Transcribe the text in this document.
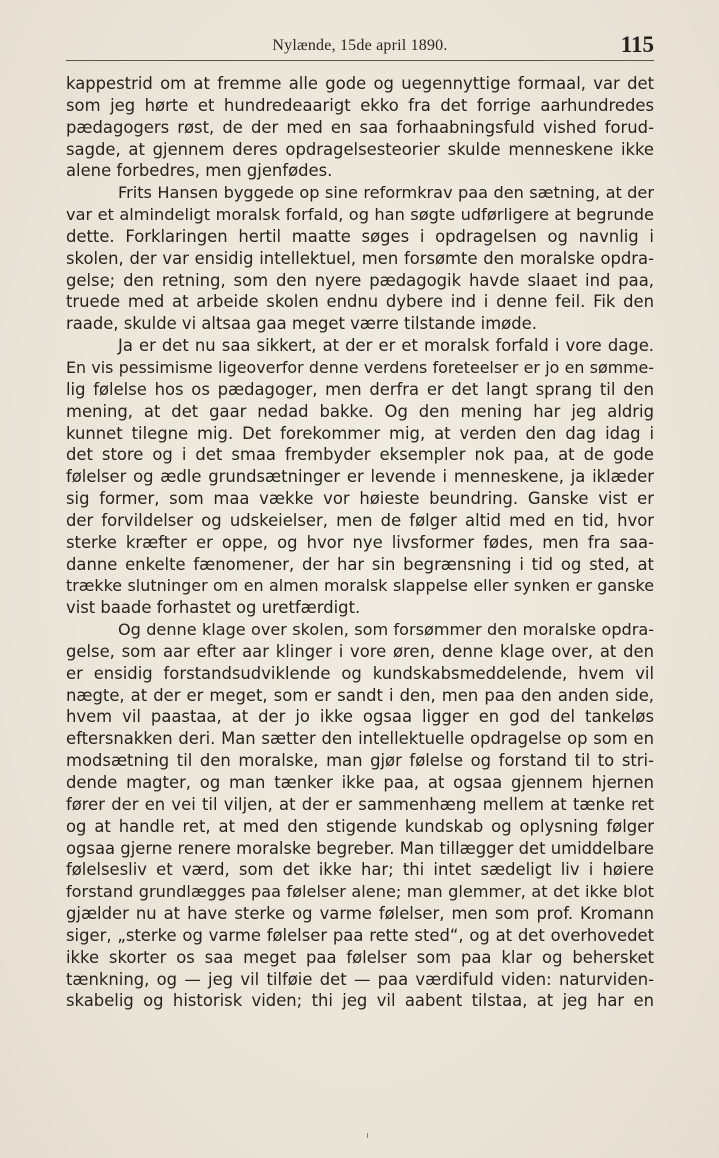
Nylænde, 15de april 1890.	115
kappestrid om at fremme alle gode og uegennyttige formaal, var det
som jeg hørte et hundredeaarigt ekko fra det forrige aarhundredes
pædagogers røst, de der med en saa forhaabningsfuld vished forud-
sagde, at gjennem deres opdragelsesteorier skulde menneskene ikke
alene forbedres, men gjenfødes.
Frits Hansen byggede op sine reformkrav paa den sætning, at der
var et almindeligt moralsk forfald, og han søgte udførligere at begrunde
dette. Forklaringen hertil maatte søges i opdragelsen og navnlig i
skolen, der var ensidig intellektuel, men forsømte den moralske opdra-
gelse; den retning, som den nyere pædagogik havde slaaet ind paa,
truede med at arbeide skolen endnu dybere ind i denne feil. Fik den
raade, skulde vi altsaa gaa meget værre tilstande imøde.
Ja er det nu saa sikkert, at der er et moralsk forfald i vore dage.
En vis pessimisme ligeoverfor denne verdens foreteelser er jo en sømme-
lig følelse hos os pædagoger, men derfra er det langt sprang til den
mening, at det gaar nedad bakke. Og den mening har jeg aldrig
kunnet tilegne mig. Det forekommer mig, at verden den dag idag i
det store og i det smaa frembyder eksempler nok paa, at de gode
følelser og ædle grundsætninger er levende i menneskene, ja iklæder
sig former, som maa vække vor høieste beundring. Ganske vist er
der forvildelser og udskeielser, men de følger altid med en tid, hvor
sterke kræfter er oppe, og hvor nye livsformer fødes, men fra saa-
danne enkelte fænomener, der har sin begrænsning i tid og sted, at
trække slutninger om en almen moralsk slappelse eller synken er ganske
vist baade forhastet og uretfærdigt.
Og denne klage over skolen, som forsømmer den moralske opdra-
gelse, som aar efter aar klinger i vore øren, denne klage over, at den
er ensidig forstandsudviklende og kundskabsmeddelende, hvem vil
nægte, at der er meget, som er sandt i den, men paa den anden side,
hvem vil paastaa, at der jo ikke ogsaa ligger en god del tankeløs
eftersnakken deri. Man sætter den intellektuelle opdragelse op som en
modsætning til den moralske, man gjør følelse og forstand til to stri-
dende magter, og man tænker ikke paa, at ogsaa gjennem hjernen
fører der en vei til viljen, at der er sammenhæng mellem at tænke ret
og at handle ret, at med den stigende kundskab og oplysning følger
ogsaa gjerne renere moralske begreber. Man tillægger det umiddelbare
følelsesliv et værd, som det ikke har; thi intet sædeligt liv i høiere
forstand grundlægges paa følelser alene; man glemmer, at det ikke blot
gjælder nu at have sterke og varme følelser, men som prof. Kromann
siger, „sterke og varme følelser paa rette sted“, og at det overhovedet
ikke skorter os saa meget paa følelser som paa klar og behersket
tænkning, og — jeg vil tilføie det — paa værdifuld viden: naturviden-
skabelig og historisk viden; thi jeg vil aabent tilstaa, at jeg har en
